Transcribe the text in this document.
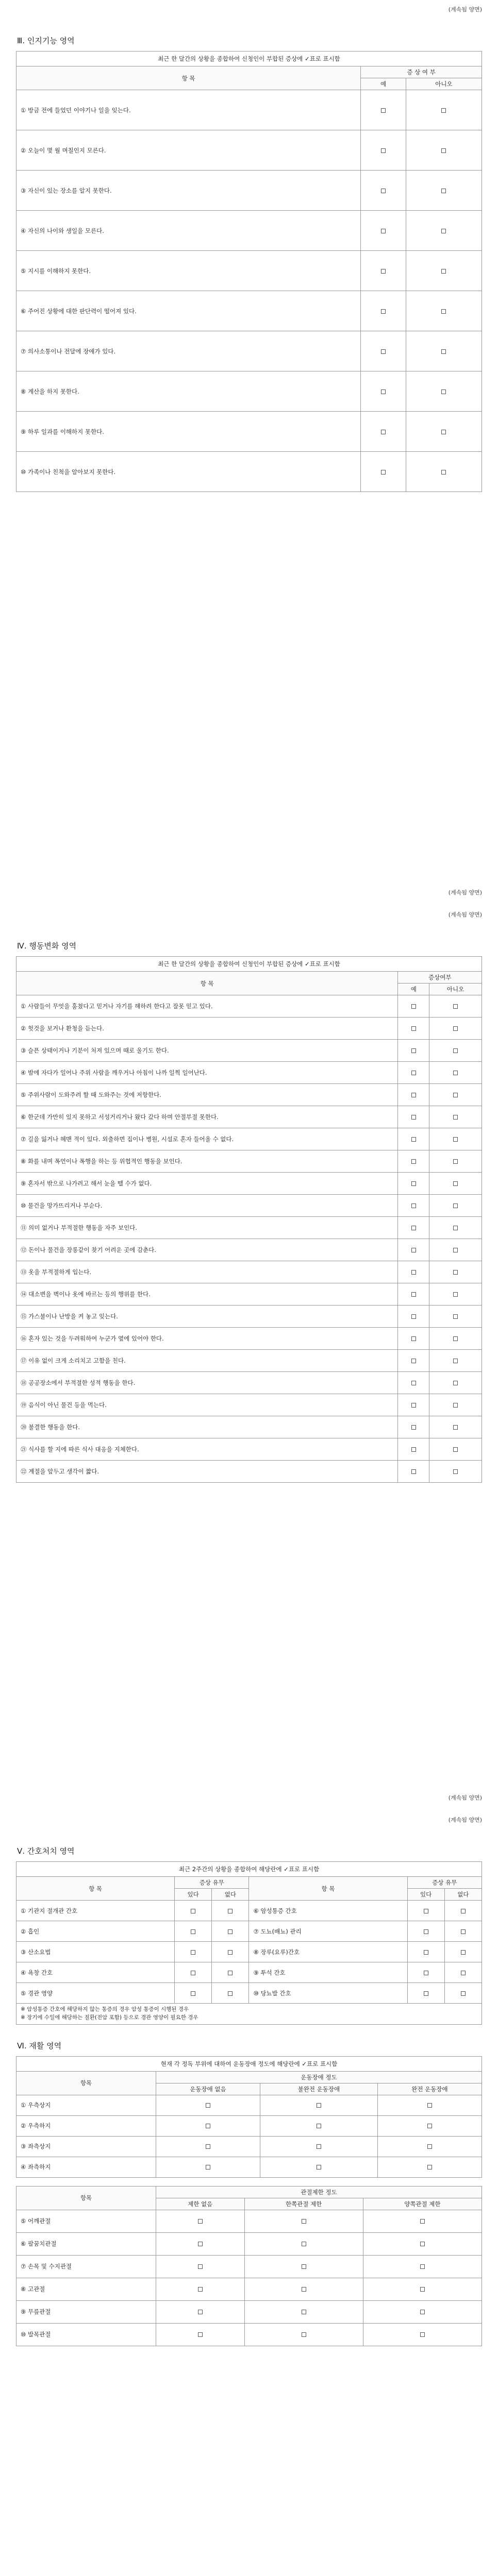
(계속됨 양면)
Ⅲ. 인지기능 영역
최근 한 달간의 상황을 종합하여 신청인이 부합된 증상에 ✓표로 표시함		
항 목	증 상 여 부	
	예	아니오
① 방금 전에 들었던 이야기나 일을 잊는다.		
② 오늘이 몇 월 며칠인지 모른다.		
③ 자신이 있는 장소를 알지 못한다.		
④ 자신의 나이와 생일을 모른다.		
⑤ 지시를 이해하지 못한다.		
⑥ 주어진 상황에 대한 판단력이 떨어져 있다.		
⑦ 의사소통이나 전달에 장애가 있다.		
⑧ 계산을 하지 못한다.		
⑨ 하루 일과를 이해하지 못한다.		
⑩ 가족이나 친척을 알아보지 못한다.		
(계속됨 양면)
(계속됨 양면)
Ⅳ. 행동변화 영역
최근 한 달간의 상황을 종합하여 신청인이 부합된 증상에 ✓표로 표시함		
항 목	증상여부	
	예	아니오
① 사람들이 무엇을 훔쳤다고 믿거나 자기를 해하려 한다고 잘못 믿고 있다.		
② 헛것을 보거나 환청을 듣는다.		
③ 슬픈 상태이거나 기분이 처져 있으며 때로 울기도 한다.		
④ 밤에 자다가 일어나 주위 사람을 깨우거나 아침이 나까 일찍 일어난다.		
⑤ 주위사람이 도와주려 할 때 도와주는 것에 저항한다.		
⑥ 한군데 가만히 있지 못하고 서성거리거나 왔다 갔다 하며 안절부절 못한다.		
⑦ 길을 잃거나 헤맨 적이 있다. 외출하면 집이나 병원, 시설로 혼자 들어올 수 없다.		
⑧ 화를 내며 폭언이나 폭행을 하는 등 위협적인 행동을 보인다.		
⑨ 혼자서 밖으로 나가려고 해서 눈을 뗄 수가 없다.		
⑩ 물건을 망가뜨리거나 부순다.		
⑪ 의미 없거나 부적절한 행동을 자주 보인다.		
⑫ 돈이나 물건을 장롱같이 찾기 어려운 곳에 감춘다.		
⑬ 옷을 부적절하게 입는다.		
⑭ 대소변을 벽이나 옷에 바르는 등의 행위를 한다.		
⑮ 가스불이나 난방을 켜 놓고 잊는다.		
⑯ 혼자 있는 것을 두려워하여 누군가 옆에 있어야 한다.		
⑰ 이유 없이 크게 소리치고 고함을 친다.		
⑱ 공공장소에서 부적절한 성적 행동을 한다.		
⑲ 음식이 아닌 물건 등을 먹는다.		
⑳ 불결한 행동을 한다.		
㉑ 식사를 할 지에 따른 식사 대응을 지체한다.		
㉒ 계절을 앞두고 생각이 짧다.		
(계속됨 양면)
(계속됨 양면)
Ⅴ. 간호처치 영역
최근 2주간의 상황을 종합하여 해당란에 ✓표로 표시함					
항 목	증상 유무		항 목	증상 유무	
	있다	없다		있다	없다
① 기관지 절개관 간호			⑥ 암성통증 간호		
② 흡인			⑦ 도뇨(배뇨) 관리		
③ 산소요법			⑧ 장루(요루)간호		
④ 욕창 간호			⑨ 투석 간호		
⑤ 경관 영양			⑩ 당뇨발 간호		

※ 암성통증 간호에 해당하지 않는 통증의 경우 암성 통증이 시행된 경우
※ 장기에 수일에 해당하는 질환(전암 포함) 등으로 경관 영양이 필요한 경우					
Ⅵ. 재활 영역
현재 각 정독 부위에 대하여 운동장애 정도에 해당란에 ✓표로 표시함			
항목	운동장애 정도		
	운동장애 없음	불완전 운동장애	완전 운동장애
① 우측상지			
② 우측하지			
③ 좌측상지			
④ 좌측하지			
항목	관절제한 정도		
	제한 없음	한쪽관절 제한	양쪽관절 제한
⑤ 어깨관절			
⑥ 팔꿈치관절			
⑦ 손목 및 수지관절			
⑧ 고관절			
⑨ 무릎관절			
⑩ 발목관절			
